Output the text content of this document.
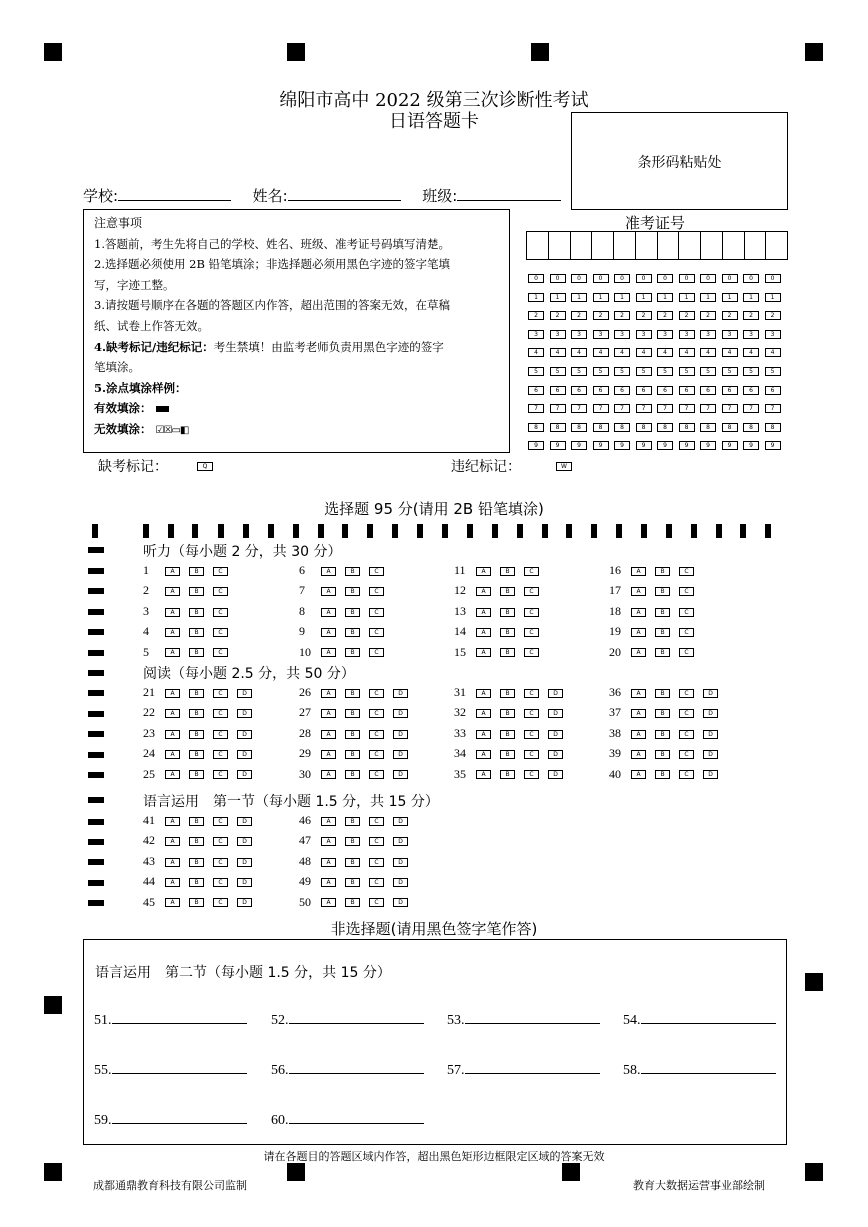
绵阳市高中 2022 级第三次诊断性考试
日语答题卡
条形码粘贴处
学校:	姓名:	班级:
注意事项
1.答题前，考生先将自己的学校、姓名、班级、准考证号码填写清楚。
2.选择题必须使用 2B 铅笔填涂；非选择题必须用黑色字迹的签字笔填
写，字迹工整。
3.请按题号顺序在各题的答题区内作答，超出范围的答案无效，在草稿
纸、试卷上作答无效。
4.缺考标记/违纪标记：考生禁填！由监考老师负责用黑色字迹的签字
笔填涂。
5.涂点填涂样例：
有效填涂：
无效填涂： ☑☒▭◧
准考证号
0	0	0	0	0	0	0	0	0	0	0	0
1	1	1	1	1	1	1	1	1	1	1	1
2	2	2	2	2	2	2	2	2	2	2	2
3	3	3	3	3	3	3	3	3	3	3	3
4	4	4	4	4	4	4	4	4	4	4	4
5	5	5	5	5	5	5	5	5	5	5	5
6	6	6	6	6	6	6	6	6	6	6	6
7	7	7	7	7	7	7	7	7	7	7	7
8	8	8	8	8	8	8	8	8	8	8	8
9	9	9	9	9	9	9	9	9	9	9	9
缺考标记：	Q	违纪标记：	W
选择题 95 分(请用 2B 铅笔填涂)
听力（每小题 2 分，共 30 分）
阅读（每小题 2.5 分，共 50 分）
语言运用　第一节（每小题 1.5 分，共 15 分）
1	A	B	C
2	A	B	C
3	A	B	C
4	A	B	C
5	A	B	C
6	A	B	C
7	A	B	C
8	A	B	C
9	A	B	C
10	A	B	C
11	A	B	C
12	A	B	C
13	A	B	C
14	A	B	C
15	A	B	C
16	A	B	C
17	A	B	C
18	A	B	C
19	A	B	C
20	A	B	C
21	A	B	C	D
22	A	B	C	D
23	A	B	C	D
24	A	B	C	D
25	A	B	C	D
26	A	B	C	D
27	A	B	C	D
28	A	B	C	D
29	A	B	C	D
30	A	B	C	D
31	A	B	C	D
32	A	B	C	D
33	A	B	C	D
34	A	B	C	D
35	A	B	C	D
36	A	B	C	D
37	A	B	C	D
38	A	B	C	D
39	A	B	C	D
40	A	B	C	D
41	A	B	C	D
42	A	B	C	D
43	A	B	C	D
44	A	B	C	D
45	A	B	C	D
46	A	B	C	D
47	A	B	C	D
48	A	B	C	D
49	A	B	C	D
50	A	B	C	D
非选择题(请用黑色签字笔作答)
语言运用　第二节（每小题 1.5 分，共 15 分）
51.	52.	53.	54.
55.	56.	57.	58.
59.	60.
请在各题目的答题区域内作答，超出黑色矩形边框限定区域的答案无效
成都通鼎教育科技有限公司监制	教育大数据运营事业部绘制
